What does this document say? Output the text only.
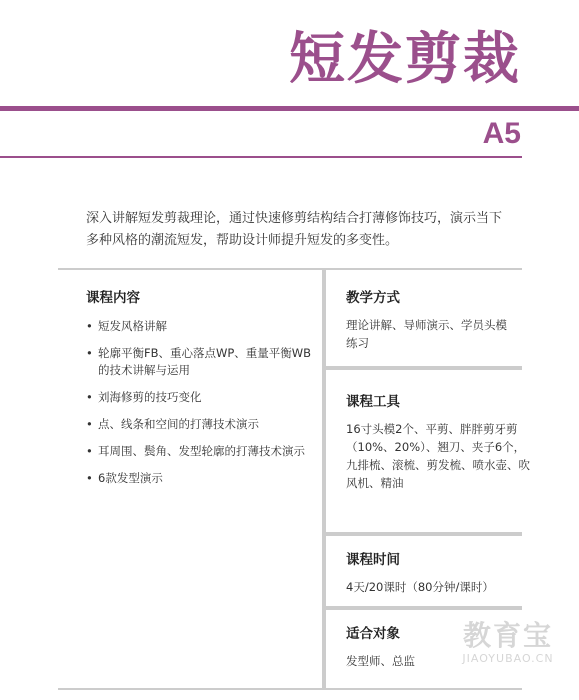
短发剪裁
A5
深入讲解短发剪裁理论，通过快速修剪结构结合打薄修饰技巧，演示当下多种风格的潮流短发，帮助设计师提升短发的多变性。
课程内容
• 短发风格讲解
• 轮廓平衡FB、重心落点WP、重量平衡WB的技术讲解与运用
• 刘海修剪的技巧变化
• 点、线条和空间的打薄技术演示
• 耳周围、鬓角、发型轮廓的打薄技术演示
• 6款发型演示
教学方式
理论讲解、导师演示、学员头模练习
课程工具
16寸头模2个、平剪、胖胖剪牙剪（10%、20%）、翘刀、夹子6个，九排梳、滚梳、剪发梳、喷水壶、吹风机、精油
课程时间
4天/20课时（80分钟/课时）
适合对象
发型师、总监
教育宝
JIAOYUBAO.CN
